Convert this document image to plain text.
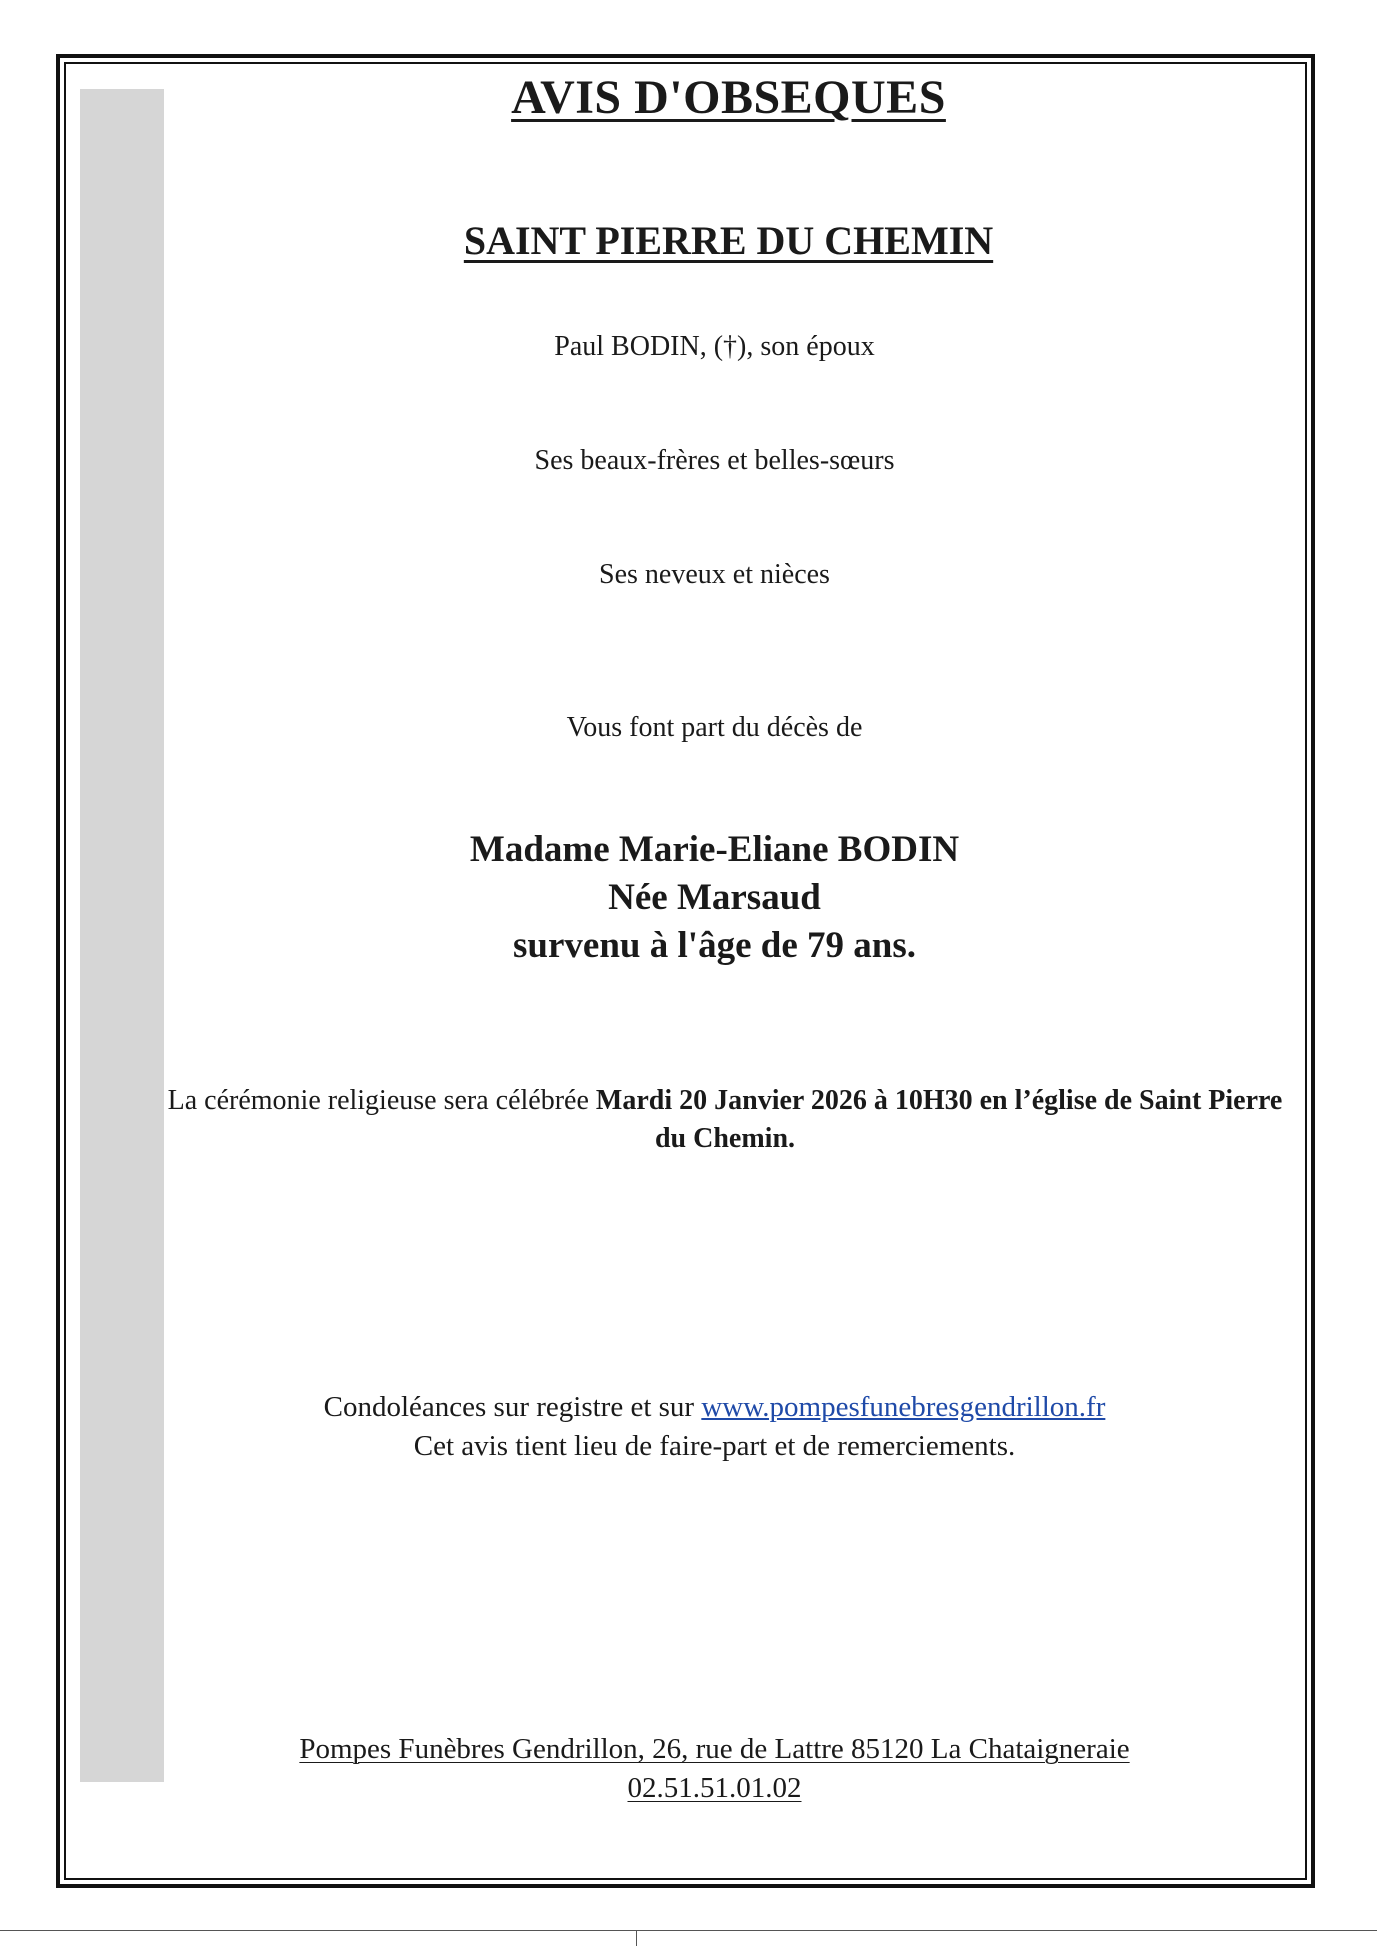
AVIS D'OBSEQUES
SAINT PIERRE DU CHEMIN
Paul BODIN, (†), son époux
Ses beaux-frères et belles-sœurs
Ses neveux et nièces
Vous font part du décès de
Madame Marie-Eliane BODIN
Née Marsaud
survenu à l'âge de 79 ans.
La cérémonie religieuse sera célébrée Mardi 20 Janvier 2026 à 10H30 en l’église de Saint Pierre du Chemin.
Condoléances sur registre et sur www.pompesfunebresgendrillon.fr
Cet avis tient lieu de faire-part et de remerciements.
Pompes Funèbres Gendrillon, 26, rue de Lattre 85120 La Chataigneraie
02.51.51.01.02
